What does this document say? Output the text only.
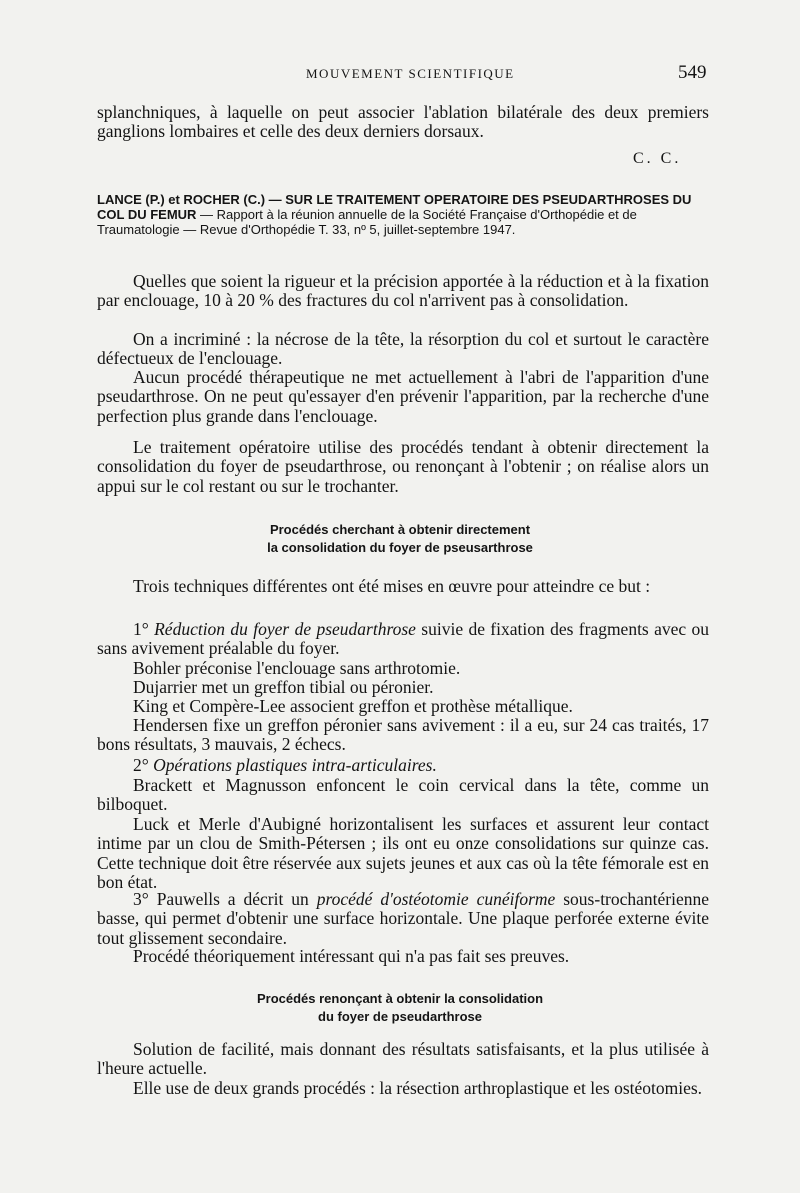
MOUVEMENT SCIENTIFIQUE	549

splanchniques, à laquelle on peut associer l'ablation bilatérale des deux premiers ganglions lombaires et celle des deux derniers dorsaux.

C. C.

LANCE (P.) et ROCHER (C.) — SUR LE TRAITEMENT OPERATOIRE DES PSEUDARTHROSES DU COL DU FEMUR — Rapport à la réunion annuelle de la Société Française d'Orthopédie et de Traumatologie — Revue d'Orthopédie T. 33, nº 5, juillet-septembre 1947.

Quelles que soient la rigueur et la précision apportée à la réduction et à la fixation par enclouage, 10 à 20 % des fractures du col n'arrivent pas à consolidation.

On a incriminé : la nécrose de la tête, la résorption du col et surtout le caractère défectueux de l'enclouage.

Aucun procédé thérapeutique ne met actuellement à l'abri de l'apparition d'une pseudarthrose. On ne peut qu'essayer d'en prévenir l'apparition, par la recherche d'une perfection plus grande dans l'enclouage.

Le traitement opératoire utilise des procédés tendant à obtenir directement la consolidation du foyer de pseudarthrose, ou renonçant à l'obtenir ; on réalise alors un appui sur le col restant ou sur le trochanter.

Procédés cherchant à obtenir directement
la consolidation du foyer de pseusarthrose

Trois techniques différentes ont été mises en œuvre pour atteindre ce but :

1° Réduction du foyer de pseudarthrose suivie de fixation des fragments avec ou sans avivement préalable du foyer.

Bohler préconise l'enclouage sans arthrotomie.

Dujarrier met un greffon tibial ou péronier.

King et Compère-Lee associent greffon et prothèse métallique.

Hendersen fixe un greffon péronier sans avivement : il a eu, sur 24 cas traités, 17 bons résultats, 3 mauvais, 2 échecs.

2° Opérations plastiques intra-articulaires.

Brackett et Magnusson enfoncent le coin cervical dans la tête, comme un bilboquet.

Luck et Merle d'Aubigné horizontalisent les surfaces et assurent leur contact intime par un clou de Smith-Pétersen ; ils ont eu onze consolidations sur quinze cas. Cette technique doit être réservée aux sujets jeunes et aux cas où la tête fémorale est en bon état.

3° Pauwells a décrit un procédé d'ostéotomie cunéiforme sous-trochantérienne basse, qui permet d'obtenir une surface horizontale. Une plaque perforée externe évite tout glissement secondaire.

Procédé théoriquement intéressant qui n'a pas fait ses preuves.

Procédés renonçant à obtenir la consolidation
du foyer de pseudarthrose

Solution de facilité, mais donnant des résultats satisfaisants, et la plus utilisée à l'heure actuelle.

Elle use de deux grands procédés : la résection arthroplastique et les ostéotomies.
